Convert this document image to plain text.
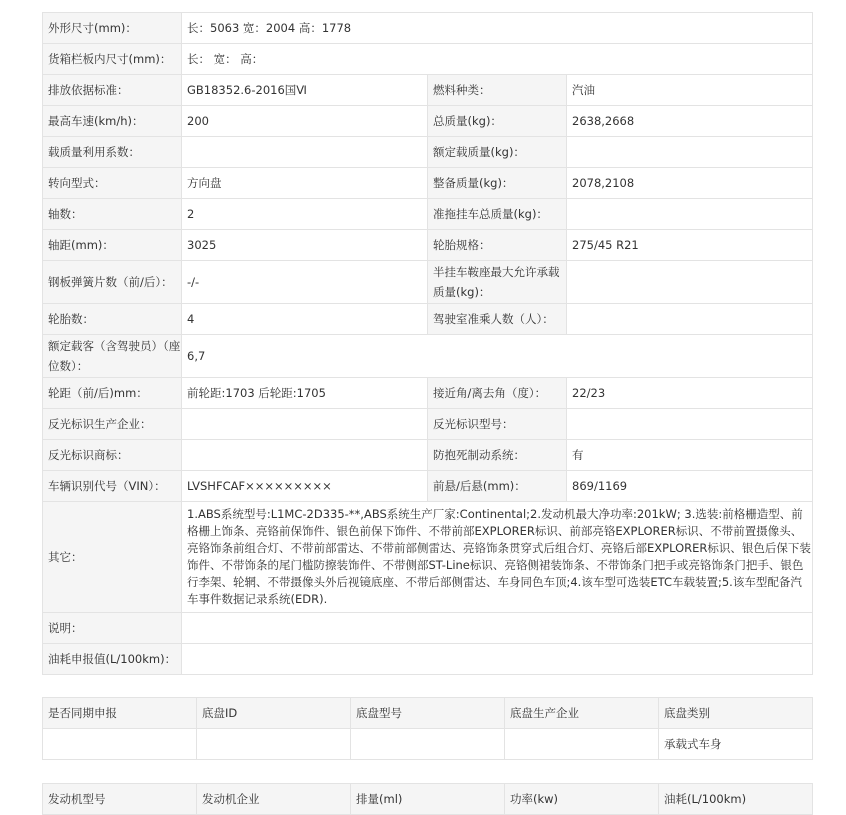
外形尺寸(mm)：	长：5063 宽：2004 高：1778		
货箱栏板内尺寸(mm)：	长： 宽： 高：		
排放依据标准：	GB18352.6-2016国Ⅵ	燃料种类：	汽油
最高车速(km/h)：	200	总质量(kg)：	2638,2668
载质量利用系数：		额定载质量(kg)：	
转向型式：	方向盘	整备质量(kg)：	2078,2108
轴数：	2	准拖挂车总质量(kg)：	
轴距(mm)：	3025	轮胎规格：	275/45 R21
钢板弹簧片数（前/后）：	-/-	半挂车鞍座最大允许承载质量(kg)：	
轮胎数：	4	驾驶室准乘人数（人）：	
额定载客（含驾驶员）（座位数）：	6,7		
轮距（前/后)mm：	前轮距:1703 后轮距:1705	接近角/离去角（度）：	22/23
反光标识生产企业：		反光标识型号：	
反光标识商标：		防抱死制动系统：	有
车辆识别代号（VIN）：	LVSHFCAF×××××××××	前悬/后悬(mm)：	869/1169
其它：	1.ABS系统型号:L1MC-2D335-**,ABS系统生产厂家:Continental;2.发动机最大净功率:201kW; 3.选装:前格栅造型、前格栅上饰条、亮铬前保饰件、银色前保下饰件、不带前部EXPLORER标识、前部亮铬EXPLORER标识、不带前置摄像头、亮铬饰条前组合灯、不带前部雷达、不带前部侧雷达、亮铬饰条贯穿式后组合灯、亮铬后部EXPLORER标识、银色后保下装饰件、不带饰条的尾门槛防擦装饰件、不带侧部ST-Line标识、亮铬侧裙装饰条、不带饰条门把手或亮铬饰条门把手、银色行李架、轮辋、不带摄像头外后视镜底座、不带后部侧雷达、车身同色车顶;4.该车型可选装ETC车载装置;5.该车型配备汽车事件数据记录系统(EDR).		
说明：			
油耗申报值(L/100km)：			
是否同期申报	底盘ID	底盘型号	底盘生产企业	底盘类别
				承载式车身
发动机型号	发动机企业	排量(ml)	功率(kw)	油耗(L/100km)
